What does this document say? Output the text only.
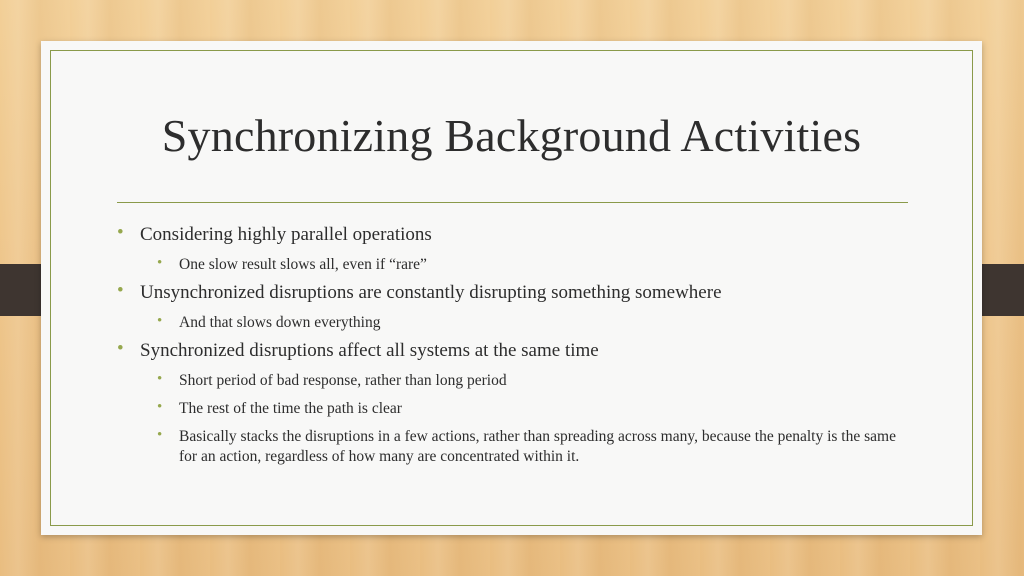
Synchronizing Background Activities
• Considering highly parallel operations
• One slow result slows all, even if “rare”
• Unsynchronized disruptions are constantly disrupting something somewhere
• And that slows down everything
• Synchronized disruptions affect all systems at the same time
• Short period of bad response, rather than long period
• The rest of the time the path is clear
• Basically stacks the disruptions in a few actions, rather than spreading across many, because the penalty is the same for an action, regardless of how many are concentrated within it.
